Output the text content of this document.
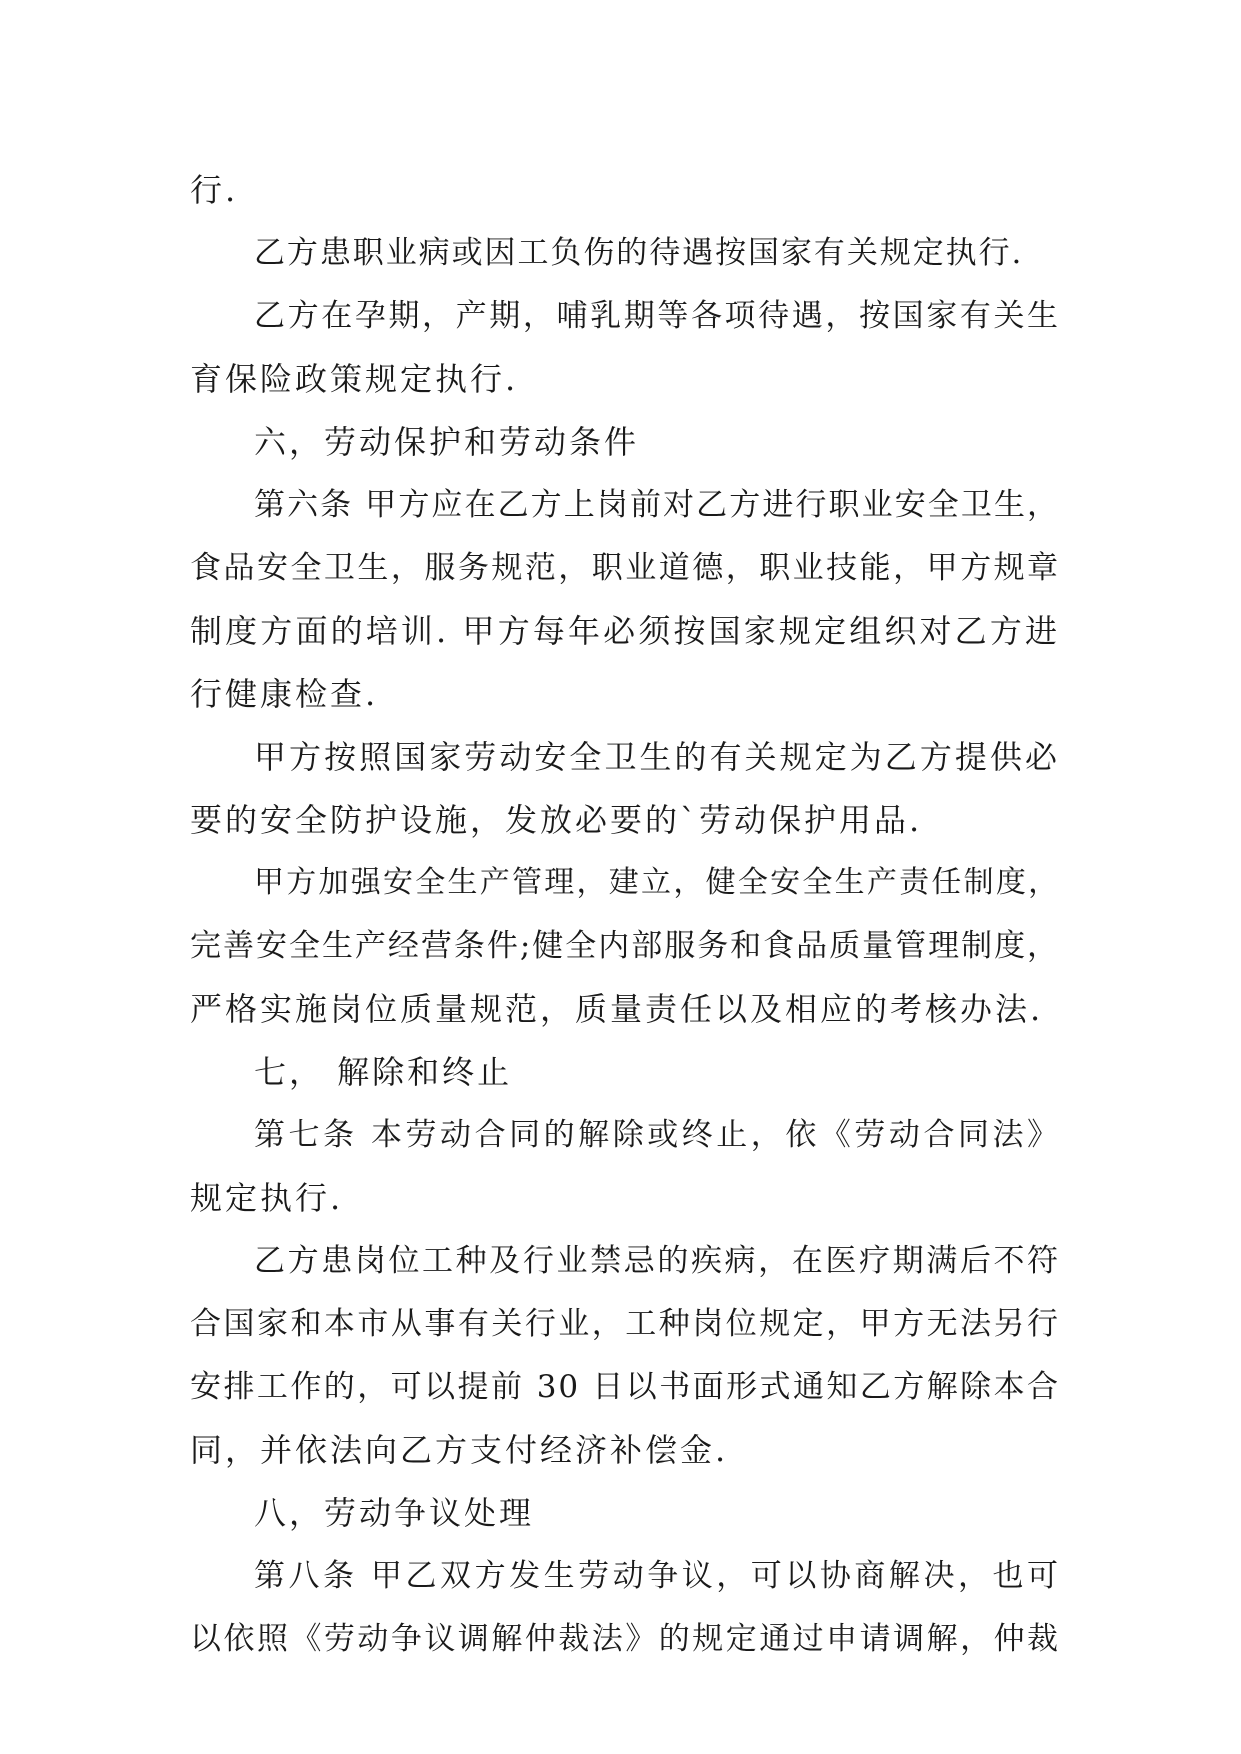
行.
乙方患职业病或因工负伤的待遇按国家有关规定执行.
乙方在孕期，产期，哺乳期等各项待遇，按国家有关生
育保险政策规定执行.
六，劳动保护和劳动条件
第六条 甲方应在乙方上岗前对乙方进行职业安全卫生，
食品安全卫生，服务规范，职业道德，职业技能，甲方规章
制度方面的培训. 甲方每年必须按国家规定组织对乙方进
行健康检查.
甲方按照国家劳动安全卫生的有关规定为乙方提供必
要的安全防护设施，发放必要的`劳动保护用品.
甲方加强安全生产管理，建立，健全安全生产责任制度，
完善安全生产经营条件;健全内部服务和食品质量管理制度，
严格实施岗位质量规范，质量责任以及相应的考核办法.
七， 解除和终止
第七条 本劳动合同的解除或终止，依《劳动合同法》
规定执行.
乙方患岗位工种及行业禁忌的疾病，在医疗期满后不符
合国家和本市从事有关行业，工种岗位规定，甲方无法另行
安排工作的，可以提前 30 日以书面形式通知乙方解除本合
同，并依法向乙方支付经济补偿金.
八，劳动争议处理
第八条 甲乙双方发生劳动争议，可以协商解决，也可
以依照《劳动争议调解仲裁法》的规定通过申请调解，仲裁
